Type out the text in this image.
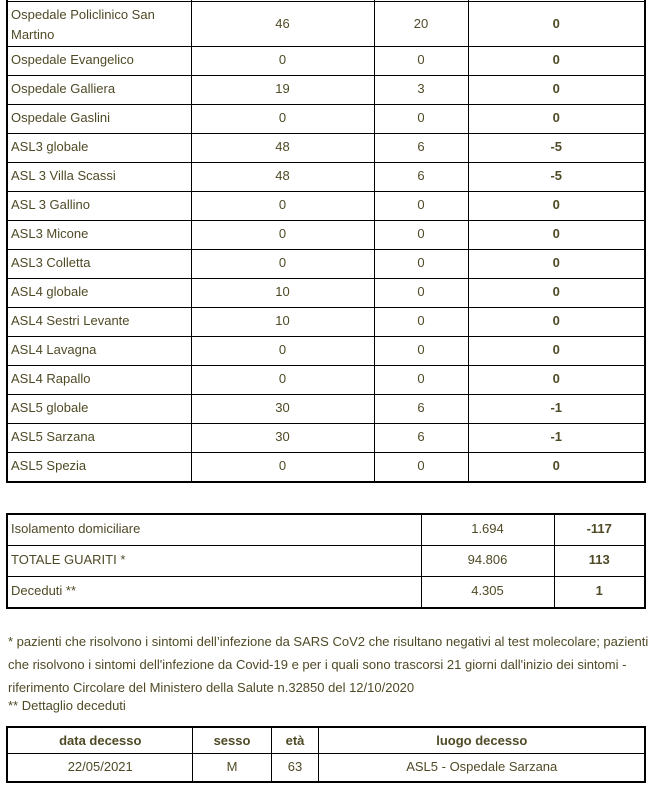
Ospedale Policlinico San Martino	46	20	0
Ospedale Evangelico	0	0	0
Ospedale Galliera	19	3	0
Ospedale Gaslini	0	0	0
ASL3 globale	48	6	-5
ASL 3 Villa Scassi	48	6	-5
ASL 3 Gallino	0	0	0
ASL3 Micone	0	0	0
ASL3 Colletta	0	0	0
ASL4 globale	10	0	0
ASL4 Sestri Levante	10	0	0
ASL4 Lavagna	0	0	0
ASL4 Rapallo	0	0	0
ASL5 globale	30	6	-1
ASL5 Sarzana	30	6	-1
ASL5 Spezia	0	0	0
Isolamento domiciliare	1.694	-117
TOTALE GUARITI *	94.806	113
Deceduti **	4.305	1
* pazienti che risolvono i sintomi dell’infezione da SARS CoV2 che risultano negativi al test molecolare; pazienti
che risolvono i sintomi dell'infezione da Covid-19 e per i quali sono trascorsi 21 giorni dall'inizio dei sintomi -
riferimento Circolare del Ministero della Salute n.32850 del 12/10/2020
** Dettaglio deceduti
data decesso	sesso	età	luogo decesso
22/05/2021	M	63	ASL5 - Ospedale Sarzana
